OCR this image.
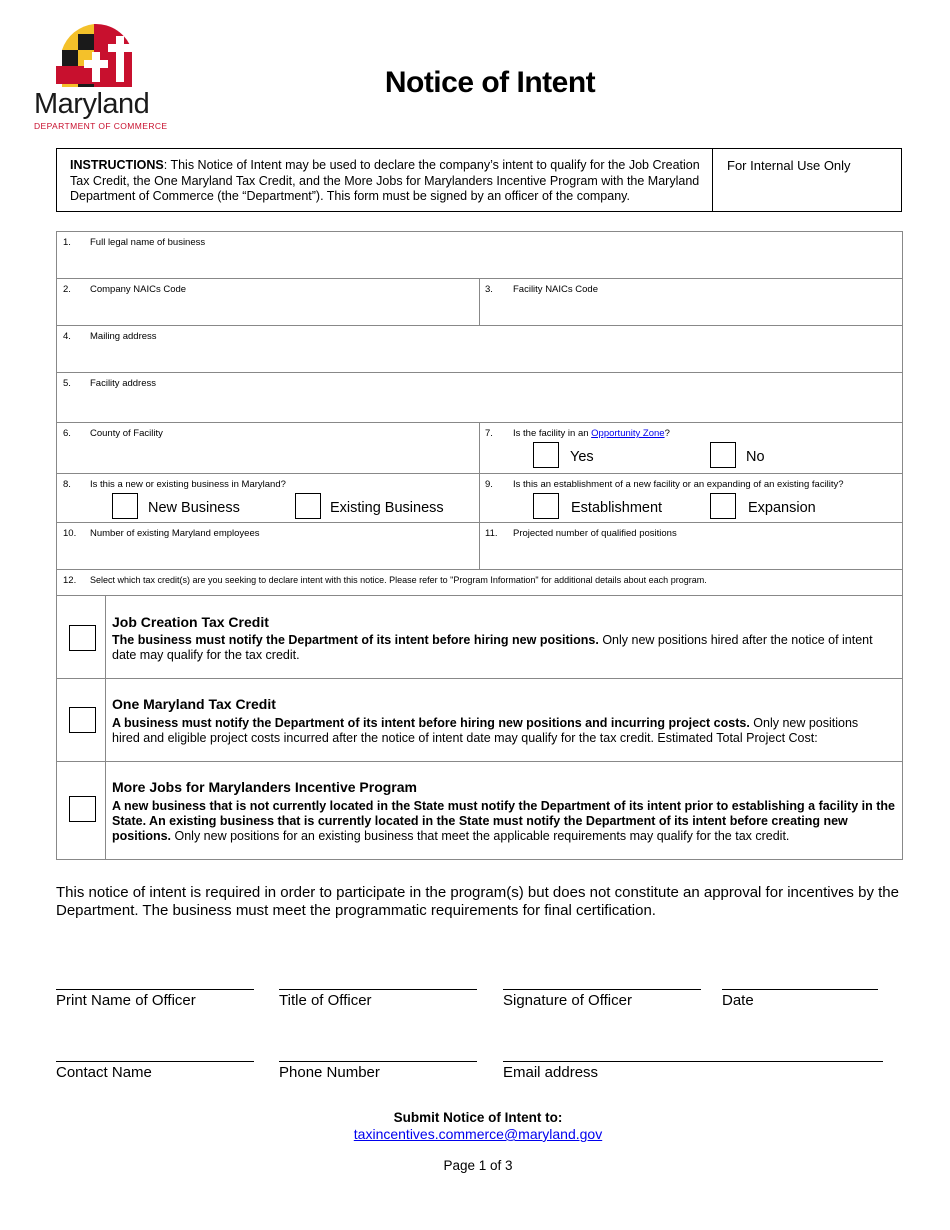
Maryland
DEPARTMENT OF COMMERCE
Notice of Intent
INSTRUCTIONS: This Notice of Intent may be used to declare the company’s intent to qualify for the Job Creation Tax Credit, the One Maryland Tax Credit, and the More Jobs for Marylanders Incentive Program with the Maryland Department of Commerce (the “Department”). This form must be signed by an officer of the company.
For Internal Use Only
1. Full legal name of business
2. Company NAICs Code	3. Facility NAICs Code
4. Mailing address
5. Facility address
6. County of Facility	7. Is the facility in an Opportunity Zone?
Yes	No
8. Is this a new or existing business in Maryland?
New Business	Existing Business
9. Is this an establishment of a new facility or an expanding of an existing facility?
Establishment	Expansion
10. Number of existing Maryland employees	11. Projected number of qualified positions
12. Select which tax credit(s) are you seeking to declare intent with this notice. Please refer to "Program Information" for additional details about each program.
Job Creation Tax Credit
The business must notify the Department of its intent before hiring new positions. Only new positions hired after the notice of intent date may qualify for the tax credit.
One Maryland Tax Credit
A business must notify the Department of its intent before hiring new positions and incurring project costs. Only new positions hired and eligible project costs incurred after the notice of intent date may qualify for the tax credit. Estimated Total Project Cost:
More Jobs for Marylanders Incentive Program
A new business that is not currently located in the State must notify the Department of its intent prior to establishing a facility in the State. An existing business that is currently located in the State must notify the Department of its intent before creating new positions. Only new positions for an existing business that meet the applicable requirements may qualify for the tax credit.
This notice of intent is required in order to participate in the program(s) but does not constitute an approval for incentives by the Department. The business must meet the programmatic requirements for final certification.
Print Name of Officer	Title of Officer	Signature of Officer	Date
Contact Name	Phone Number	Email address
Submit Notice of Intent to:
taxincentives.commerce@maryland.gov
Page 1 of 3
